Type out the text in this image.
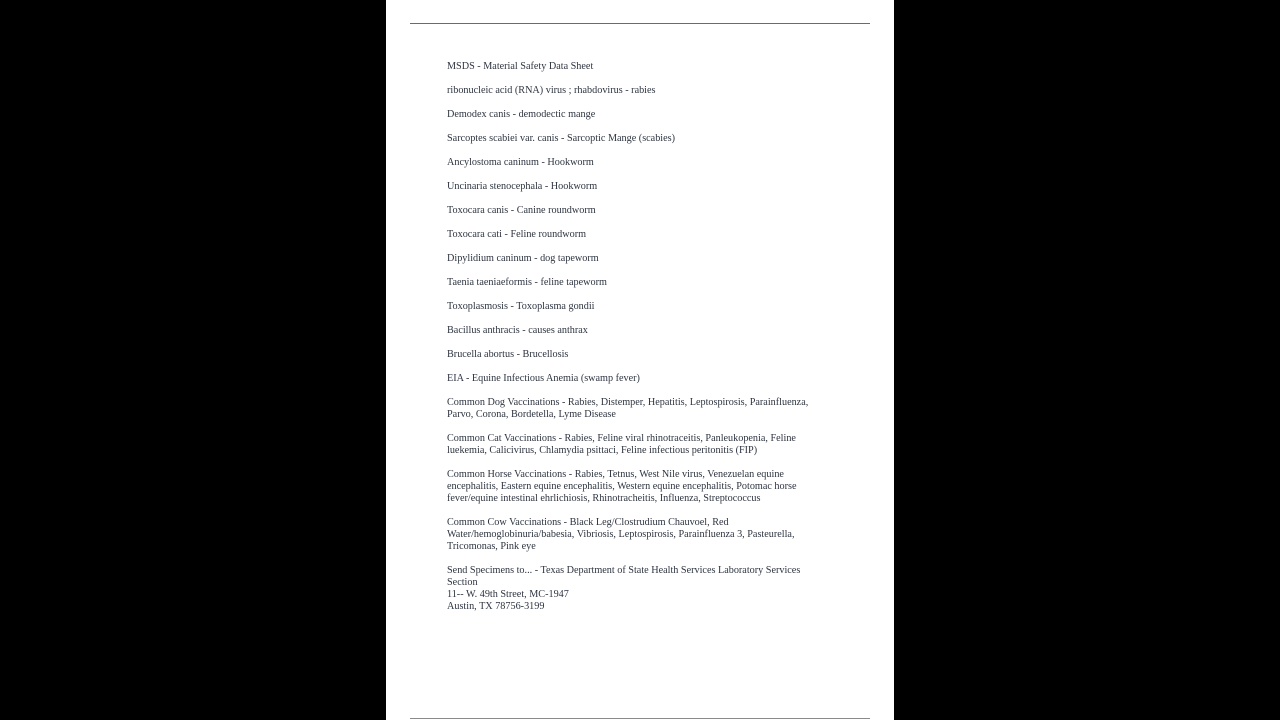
MSDS - Material Safety Data Sheet

ribonucleic acid (RNA) virus ; rhabdovirus - rabies

Demodex canis - demodectic mange

Sarcoptes scabiei var. canis - Sarcoptic Mange (scabies)

Ancylostoma caninum - Hookworm

Uncinaria stenocephala - Hookworm

Toxocara canis - Canine roundworm

Toxocara cati - Feline roundworm

Dipylidium caninum - dog tapeworm

Taenia taeniaeformis - feline tapeworm

Toxoplasmosis - Toxoplasma gondii

Bacillus anthracis - causes anthrax

Brucella abortus - Brucellosis

EIA - Equine Infectious Anemia (swamp fever)

Common Dog Vaccinations - Rabies, Distemper, Hepatitis, Leptospirosis, Parainfluenza,
Parvo, Corona, Bordetella, Lyme Disease

Common Cat Vaccinations - Rabies, Feline viral rhinotraceitis, Panleukopenia, Feline
luekemia, Calicivirus, Chlamydia psittaci, Feline infectious peritonitis (FIP)

Common Horse Vaccinations - Rabies, Tetnus, West Nile virus, Venezuelan equine
encephalitis, Eastern equine encephalitis, Western equine encephalitis, Potomac horse
fever/equine intestinal ehrlichiosis, Rhinotracheitis, Influenza, Streptococcus

Common Cow Vaccinations - Black Leg/Clostrudium Chauvoel, Red
Water/hemoglobinuria/babesia, Vibriosis, Leptospirosis, Parainfluenza 3, Pasteurella,
Tricomonas, Pink eye

Send Specimens to... - Texas Department of State Health Services Laboratory Services
Section
11-- W. 49th Street, MC-1947
Austin, TX 78756-3199
